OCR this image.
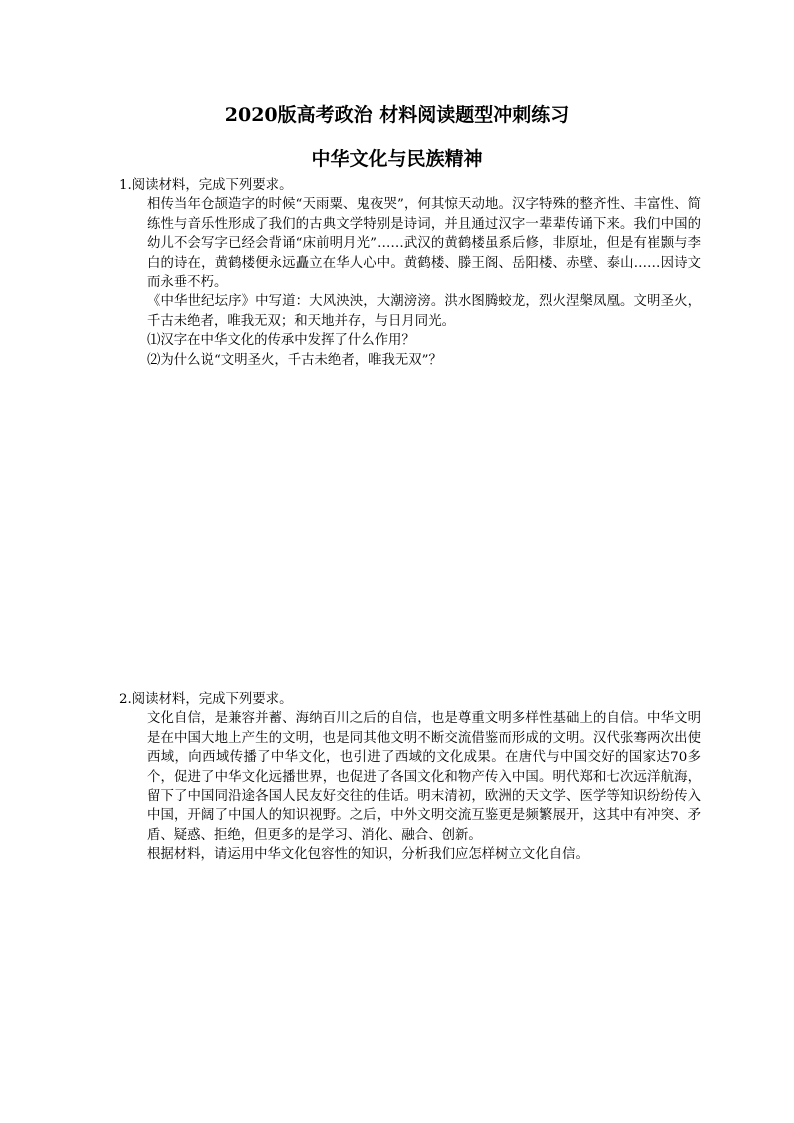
2020版高考政治 材料阅读题型冲刺练习
中华文化与民族精神

1.阅读材料，完成下列要求。

相传当年仓颉造字的时候“天雨粟、鬼夜哭”，何其惊天动地。汉字特殊的整齐性、丰富性、简练性与音乐性形成了我们的古典文学特别是诗词，并且通过汉字一辈辈传诵下来。我们中国的幼儿不会写字已经会背诵“床前明月光”……武汉的黄鹤楼虽系后修，非原址，但是有崔颢与李白的诗在，黄鹤楼便永远矗立在华人心中。黄鹤楼、滕王阁、岳阳楼、赤壁、泰山……因诗文而永垂不朽。

《中华世纪坛序》中写道：大风泱泱，大潮滂滂。洪水图腾蛟龙，烈火涅槃凤凰。文明圣火，千古未绝者，唯我无双；和天地并存，与日月同光。

⑴汉字在中华文化的传承中发挥了什么作用？

⑵为什么说“文明圣火，千古未绝者，唯我无双”？

2.阅读材料，完成下列要求。

文化自信，是兼容并蓄、海纳百川之后的自信，也是尊重文明多样性基础上的自信。中华文明是在中国大地上产生的文明，也是同其他文明不断交流借鉴而形成的文明。汉代张骞两次出使西域，向西域传播了中华文化，也引进了西域的文化成果。在唐代与中国交好的国家达70多个，促进了中华文化远播世界，也促进了各国文化和物产传入中国。明代郑和七次远洋航海，留下了中国同沿途各国人民友好交往的佳话。明末清初，欧洲的天文学、医学等知识纷纷传入中国，开阔了中国人的知识视野。之后，中外文明交流互鉴更是频繁展开，这其中有冲突、矛盾、疑惑、拒绝，但更多的是学习、消化、融合、创新。

根据材料，请运用中华文化包容性的知识，分析我们应怎样树立文化自信。
